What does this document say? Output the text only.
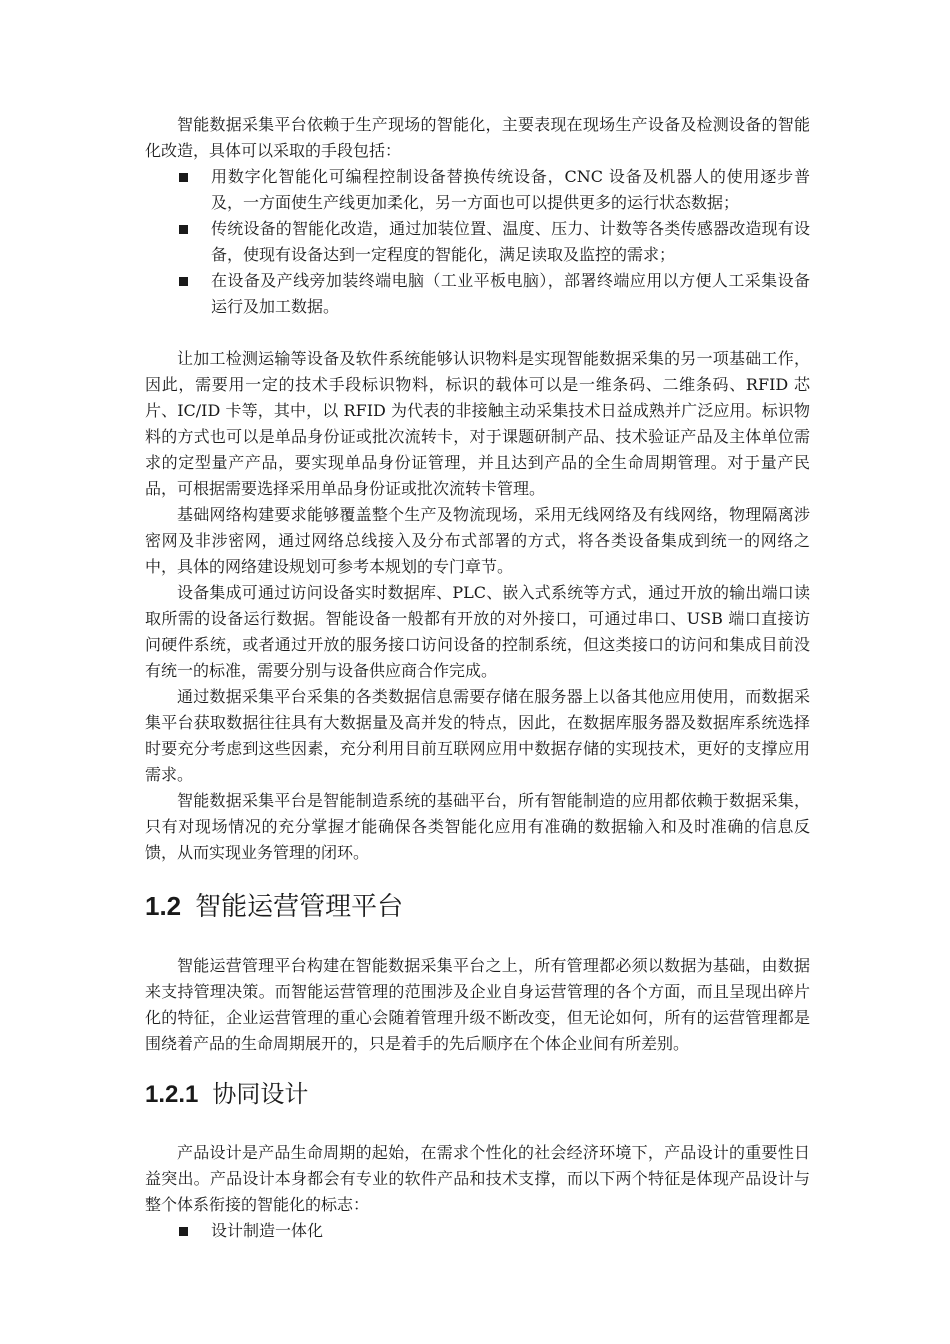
智能数据采集平台依赖于生产现场的智能化，主要表现在现场生产设备及检测设备的智能化改造，具体可以采取的手段包括：

用数字化智能化可编程控制设备替换传统设备，CNC 设备及机器人的使用逐步普及，一方面使生产线更加柔化，另一方面也可以提供更多的运行状态数据；
传统设备的智能化改造，通过加装位置、温度、压力、计数等各类传感器改造现有设备，使现有设备达到一定程度的智能化，满足读取及监控的需求；
在设备及产线旁加装终端电脑（工业平板电脑），部署终端应用以方便人工采集设备运行及加工数据。

让加工检测运输等设备及软件系统能够认识物料是实现智能数据采集的另一项基础工作，因此，需要用一定的技术手段标识物料，标识的载体可以是一维条码、二维条码、RFID 芯片、IC/ID 卡等，其中，以 RFID 为代表的非接触主动采集技术日益成熟并广泛应用。标识物料的方式也可以是单品身份证或批次流转卡，对于课题研制产品、技术验证产品及主体单位需求的定型量产产品，要实现单品身份证管理，并且达到产品的全生命周期管理。对于量产民品，可根据需要选择采用单品身份证或批次流转卡管理。

基础网络构建要求能够覆盖整个生产及物流现场，采用无线网络及有线网络，物理隔离涉密网及非涉密网，通过网络总线接入及分布式部署的方式，将各类设备集成到统一的网络之中，具体的网络建设规划可参考本规划的专门章节。

设备集成可通过访问设备实时数据库、PLC、嵌入式系统等方式，通过开放的输出端口读取所需的设备运行数据。智能设备一般都有开放的对外接口，可通过串口、USB 端口直接访问硬件系统，或者通过开放的服务接口访问设备的控制系统，但这类接口的访问和集成目前没有统一的标准，需要分别与设备供应商合作完成。

通过数据采集平台采集的各类数据信息需要存储在服务器上以备其他应用使用，而数据采集平台获取数据往往具有大数据量及高并发的特点，因此，在数据库服务器及数据库系统选择时要充分考虑到这些因素，充分利用目前互联网应用中数据存储的实现技术，更好的支撑应用需求。

智能数据采集平台是智能制造系统的基础平台，所有智能制造的应用都依赖于数据采集，只有对现场情况的充分掌握才能确保各类智能化应用有准确的数据输入和及时准确的信息反馈，从而实现业务管理的闭环。

1.2 智能运营管理平台

智能运营管理平台构建在智能数据采集平台之上，所有管理都必须以数据为基础，由数据来支持管理决策。而智能运营管理的范围涉及企业自身运营管理的各个方面，而且呈现出碎片化的特征，企业运营管理的重心会随着管理升级不断改变，但无论如何，所有的运营管理都是围绕着产品的生命周期展开的，只是着手的先后顺序在个体企业间有所差别。

1.2.1 协同设计

产品设计是产品生命周期的起始，在需求个性化的社会经济环境下，产品设计的重要性日益突出。产品设计本身都会有专业的软件产品和技术支撑，而以下两个特征是体现产品设计与整个体系衔接的智能化的标志：

设计制造一体化
